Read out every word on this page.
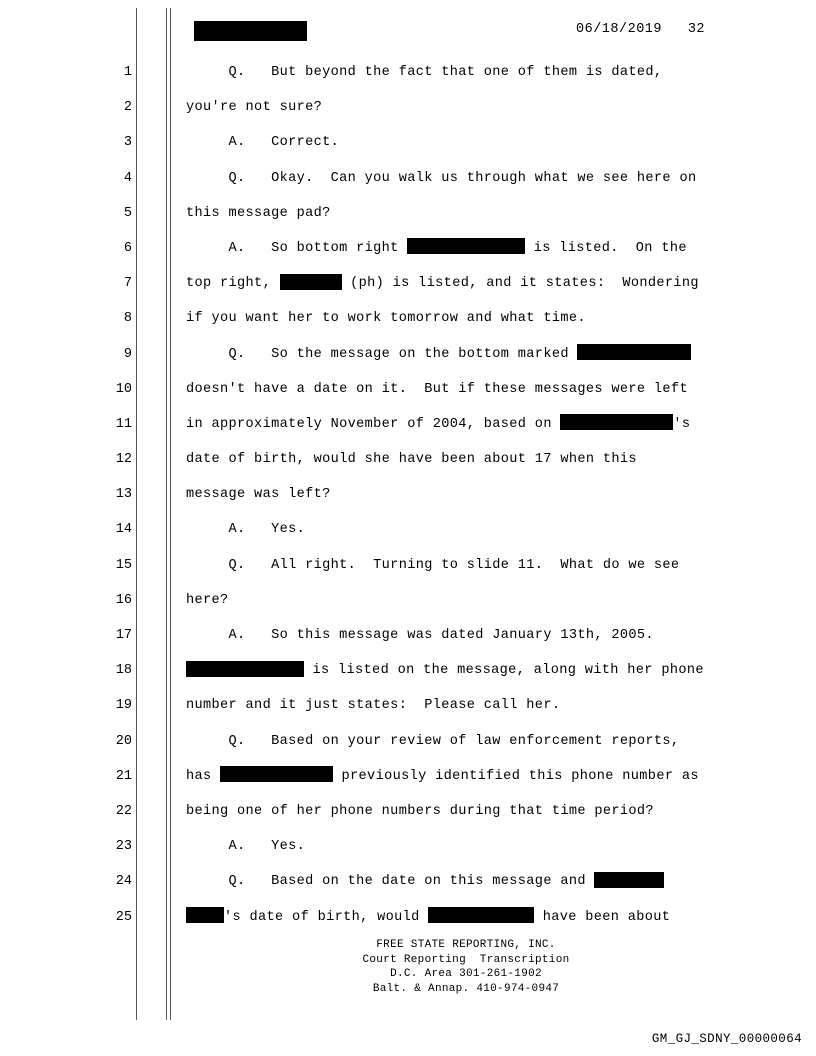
06/18/2019   32
1	Q.   But beyond the fact that one of them is dated,
2	you're not sure?
3	A.   Correct.
4	Q.   Okay.  Can you walk us through what we see here on
5	this message pad?
6	A.   So bottom right	is listed.  On the
7	top right,	(ph) is listed, and it states:  Wondering
8	if you want her to work tomorrow and what time.
9	Q.   So the message on the bottom marked
10	doesn't have a date on it.  But if these messages were left
11	in approximately November of 2004, based on	's
12	date of birth, would she have been about 17 when this
13	message was left?
14	A.   Yes.
15	Q.   All right.  Turning to slide 11.  What do we see
16	here?
17	A.   So this message was dated January 13th, 2005.
18	is listed on the message, along with her phone
19	number and it just states:  Please call her.
20	Q.   Based on your review of law enforcement reports,
21	has	previously identified this phone number as
22	being one of her phone numbers during that time period?
23	A.   Yes.
24	Q.   Based on the date on this message and
25	's date of birth, would	have been about
FREE STATE REPORTING, INC.
Court Reporting  Transcription
D.C. Area 301-261-1902
Balt. & Annap. 410-974-0947
GM_GJ_SDNY_00000064
